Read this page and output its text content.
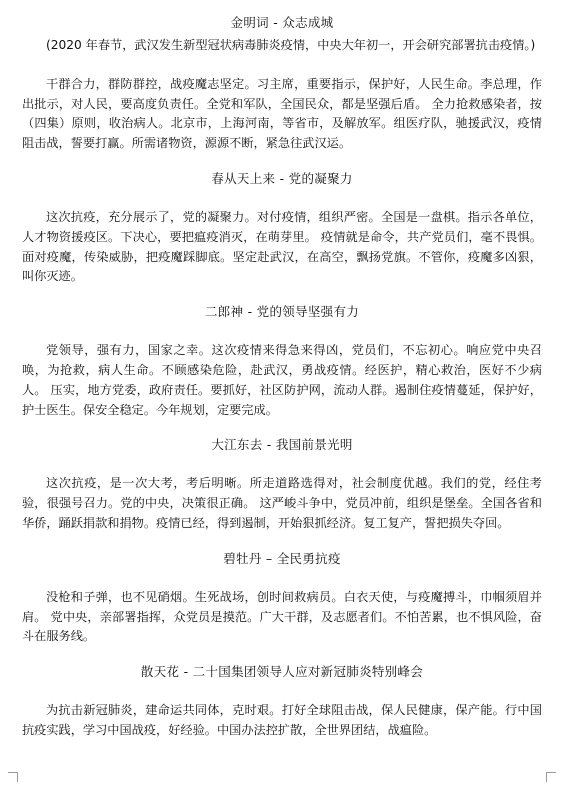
金明词 - 众志成城

(2020 年春节，武汉发生新型冠状病毒肺炎疫情，中央大年初一，开会研究部署抗击疫情。)

干群合力，群防群控，战疫魔志坚定。习主席，重要指示，保护好，人民生命。李总理，作出批示，对人民，要高度负责任。全党和军队，全国民众，都是坚强后盾。 全力抢救感染者，按（四集）原则，收治病人。北京市，上海河南，等省市，及解放军。组医疗队，驰援武汉，疫情阻击战，誓要打赢。所需诸物资，源源不断，紧急往武汉运。

春从天上来 - 党的凝聚力

这次抗疫，充分展示了，党的凝聚力。对付疫情，组织严密。全国是一盘棋。指示各单位，人才物资援疫区。下决心，要把瘟疫消灭，在萌芽里。 疫情就是命令，共产党员们，毫不畏惧。面对疫魔，传染威胁，把疫魔踩脚底。坚定赴武汉，在高空，飘扬党旗。不管你，疫魔多凶狠，叫你灭迹。

二郎神 - 党的领导坚强有力

党领导，强有力，国家之幸。这次疫情来得急来得凶，党员们，不忘初心。响应党中央召唤，为抢救，病人生命。不顾感染危险，赴武汉，勇战疫情。经医护，精心救治，医好不少病人。 压实，地方党委，政府责任。要抓好，社区防护网，流动人群。遏制住疫情蔓延，保护好，护士医生。保安全稳定。今年规划，定要完成。

大江东去 - 我国前景光明

这次抗疫，是一次大考，考后明晰。所走道路选得对，社会制度优越。我们的党，经住考验，很强号召力。党的中央，决策很正确。 这严峻斗争中，党员冲前，组织是堡垒。全国各省和华侨，踊跃捐款和捐物。疫情已经，得到遏制，开始狠抓经济。复工复产，誓把损失夺回。

碧牡丹 – 全民勇抗疫

没枪和子弹，也不见硝烟。生死战场，创时间救病员。白衣天使，与疫魔搏斗，巾帼须眉并肩。 党中央，亲部署指挥，众党员是摸范。广大干群，及志愿者们。不怕苦累，也不惧风险，奋斗在服务线。

散天花 - 二十国集团领导人应对新冠肺炎特别峰会

为抗击新冠肺炎，建命运共同体，克时艰。打好全球阻击战，保人民健康，保产能。行中国抗疫实践，学习中国战疫，好经验。中国办法控扩散，全世界团结，战瘟险。
